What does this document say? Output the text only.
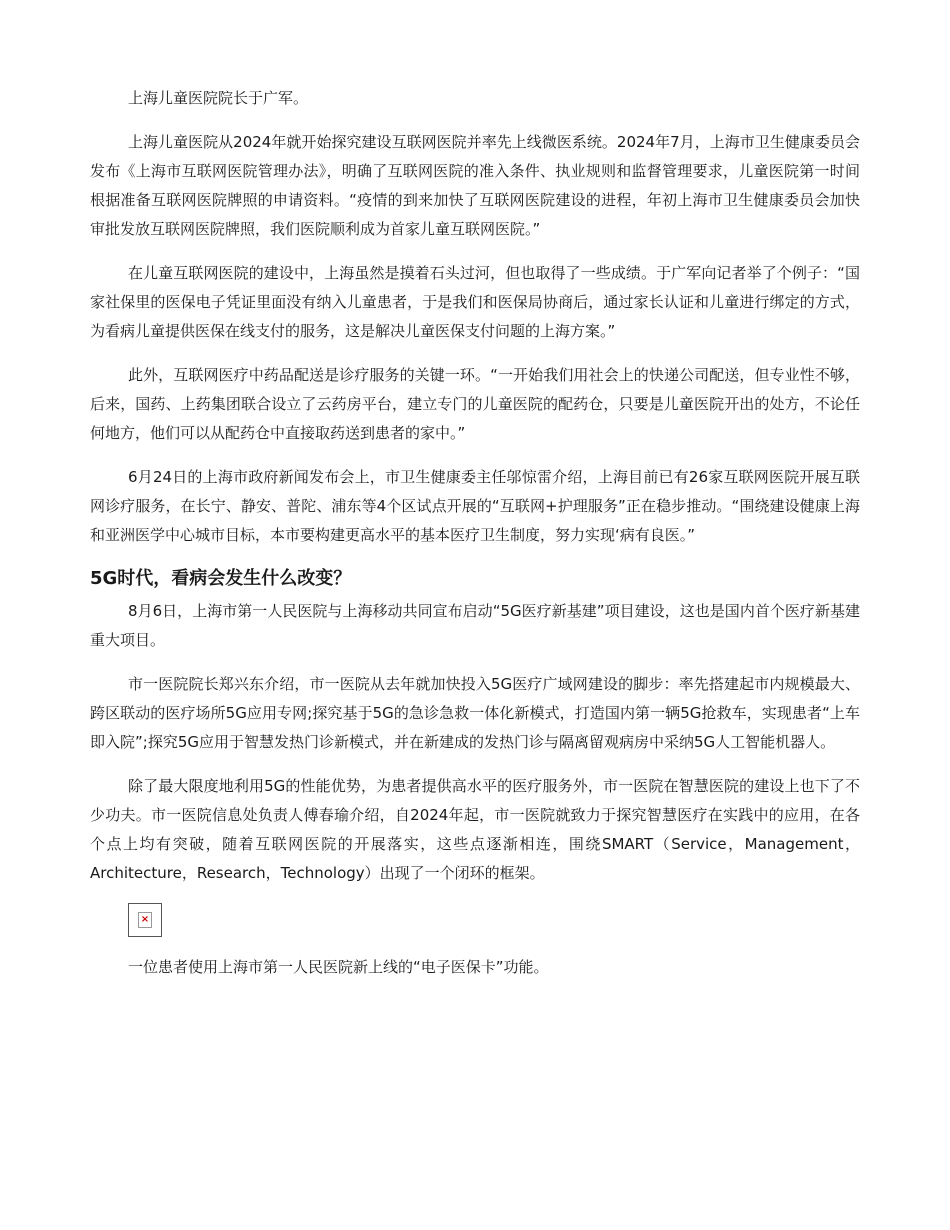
上海儿童医院院长于广军。

上海儿童医院从2024年就开始探究建设互联网医院并率先上线微医系统。2024年7月，上海市卫生健康委员会发布《上海市互联网医院管理办法》，明确了互联网医院的准入条件、执业规则和监督管理要求，儿童医院第一时间根据准备互联网医院牌照的申请资料。“疫情的到来加快了互联网医院建设的进程，年初上海市卫生健康委员会加快审批发放互联网医院牌照，我们医院顺利成为首家儿童互联网医院。”

在儿童互联网医院的建设中，上海虽然是摸着石头过河，但也取得了一些成绩。于广军向记者举了个例子：“国家社保里的医保电子凭证里面没有纳入儿童患者，于是我们和医保局协商后，通过家长认证和儿童进行绑定的方式，为看病儿童提供医保在线支付的服务，这是解决儿童医保支付问题的上海方案。”

此外，互联网医疗中药品配送是诊疗服务的关键一环。“一开始我们用社会上的快递公司配送，但专业性不够，后来，国药、上药集团联合设立了云药房平台，建立专门的儿童医院的配药仓，只要是儿童医院开出的处方，不论任何地方，他们可以从配药仓中直接取药送到患者的家中。”

6月24日的上海市政府新闻发布会上，市卫生健康委主任邬惊雷介绍，上海目前已有26家互联网医院开展互联网诊疗服务，在长宁、静安、普陀、浦东等4个区试点开展的“互联网+护理服务”正在稳步推动。“围绕建设健康上海和亚洲医学中心城市目标，本市要构建更高水平的基本医疗卫生制度，努力实现‘病有良医。”

5G时代，看病会发生什么改变？

8月6日，上海市第一人民医院与上海移动共同宣布启动“5G医疗新基建”项目建设，这也是国内首个医疗新基建重大项目。

市一医院院长郑兴东介绍，市一医院从去年就加快投入5G医疗广域网建设的脚步：率先搭建起市内规模最大、跨区联动的医疗场所5G应用专网;探究基于5G的急诊急救一体化新模式，打造国内第一辆5G抢救车，实现患者“上车即入院”;探究5G应用于智慧发热门诊新模式，并在新建成的发热门诊与隔离留观病房中采纳5G人工智能机器人。

除了最大限度地利用5G的性能优势，为患者提供高水平的医疗服务外，市一医院在智慧医院的建设上也下了不少功夫。市一医院信息处负责人傅春瑜介绍，自2024年起，市一医院就致力于探究智慧医疗在实践中的应用，在各个点上均有突破，随着互联网医院的开展落实，这些点逐渐相连，围绕SMART（Service，Management，Architecture，Research，Technology）出现了一个闭环的框架。

×

一位患者使用上海市第一人民医院新上线的“电子医保卡”功能。
